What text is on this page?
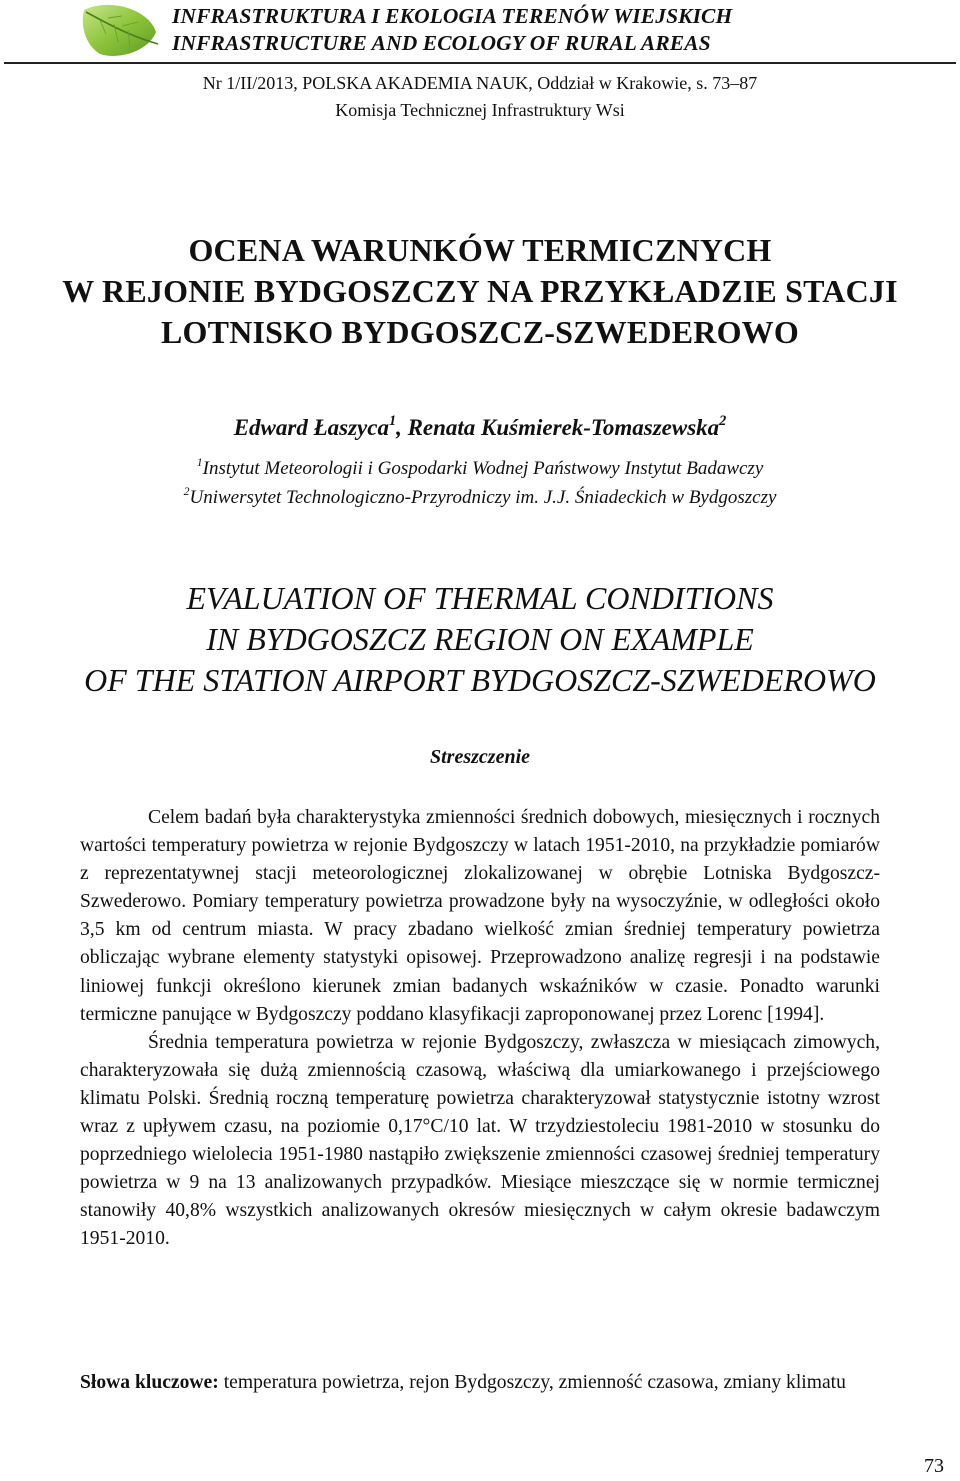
INFRASTRUKTURA I EKOLOGIA TERENÓW WIEJSKICH
INFRASTRUCTURE AND ECOLOGY OF RURAL AREAS
Nr 1/II/2013, POLSKA AKADEMIA NAUK, Oddział w Krakowie, s. 73–87
Komisja Technicznej Infrastruktury Wsi
OCENA WARUNKÓW TERMICZNYCH
W REJONIE BYDGOSZCZY NA PRZYKŁADZIE STACJI
LOTNISKO BYDGOSZCZ-SZWEDEROWO
Edward Łaszyca$^1$, Renata Kuśmierek-Tomaszewska$^2$
$^1$Instytut Meteorologii i Gospodarki Wodnej Państwowy Instytut Badawczy
$^2$Uniwersytet Technologiczno-Przyrodniczy im. J.J. Śniadeckich w Bydgoszczy
EVALUATION OF THERMAL CONDITIONS
IN BYDGOSZCZ REGION ON EXAMPLE
OF THE STATION AIRPORT BYDGOSZCZ-SZWEDEROWO
Streszczenie

Celem badań była charakterystyka zmienności średnich dobowych, miesięcznych i rocznych wartości temperatury powietrza w rejonie Bydgoszczy w latach 1951-2010, na przykładzie pomiarów z reprezentatywnej stacji meteorologicznej zlokalizowanej w obrębie Lotniska Bydgoszcz-Szwederowo. Pomiary temperatury powietrza prowadzone były na wysoczyźnie, w odległości około 3,5 km od centrum miasta. W pracy zbadano wielkość zmian średniej temperatury powietrza obliczając wybrane elementy statystyki opisowej. Przeprowadzono analizę regresji i na podstawie liniowej funkcji określono kierunek zmian badanych wskaźników w czasie. Ponadto warunki termiczne panujące w Bydgoszczy poddano klasyfikacji zaproponowanej przez Lorenc [1994].

Średnia temperatura powietrza w rejonie Bydgoszczy, zwłaszcza w miesiącach zimowych, charakteryzowała się dużą zmiennością czasową, właściwą dla umiarkowanego i przejściowego klimatu Polski. Średnią roczną temperaturę powietrza charakteryzował statystycznie istotny wzrost wraz z upływem czasu, na poziomie 0,17°C/10 lat. W trzydziestoleciu 1981-2010 w stosunku do poprzedniego wielolecia 1951-1980 nastąpiło zwiększenie zmienności czasowej średniej temperatury powietrza w 9 na 13 analizowanych przypadków. Miesiące mieszczące się w normie termicznej stanowiły 40,8% wszystkich analizowanych okresów miesięcznych w całym okresie badawczym 1951-2010.

Słowa kluczowe: temperatura powietrza, rejon Bydgoszczy, zmienność czasowa, zmiany klimatu
73
